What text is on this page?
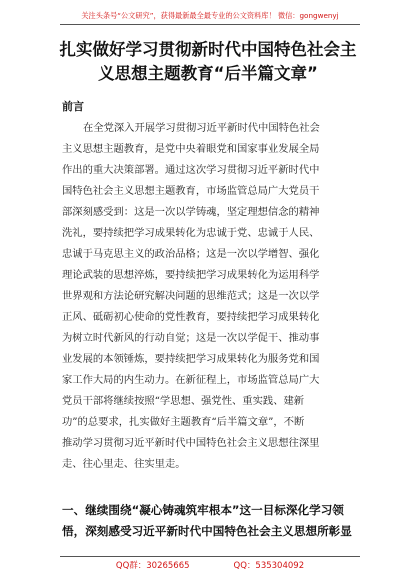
关注头条号“公文研究”，获得最新最全最专业的公文资料库！ 微信：gongwenyj
扎实做好学习贯彻新时代中国特色社会主
义思想主题教育“后半篇文章”
前言
在全党深入开展学习贯彻习近平新时代中国特色社会
主义思想主题教育，是党中央着眼党和国家事业发展全局
作出的重大决策部署。通过这次学习贯彻习近平新时代中
国特色社会主义思想主题教育，市场监管总局广大党员干
部深刻感受到：这是一次以学铸魂，坚定理想信念的精神
洗礼，要持续把学习成果转化为忠诚于党、忠诚于人民、
忠诚于马克思主义的政治品格；这是一次以学增智、强化
理论武装的思想淬炼，要持续把学习成果转化为运用科学
世界观和方法论研究解决问题的思维范式；这是一次以学
正风、砥砺初心使命的党性教育，要持续把学习成果转化
为树立时代新风的行动自觉；这是一次以学促干、推动事
业发展的本领锤炼，要持续把学习成果转化为服务党和国
家工作大局的内生动力。在新征程上，市场监管总局广大
党员干部将继续按照“学思想、强党性、重实践、建新
功”的总要求，扎实做好主题教育“后半篇文章”，不断
推动学习贯彻习近平新时代中国特色社会主义思想往深里
走、往心里走、往实里走。
一、继续围绕“凝心铸魂筑牢根本”这一目标深化学习领
悟，深刻感受习近平新时代中国特色社会主义思想所彰显
QQ群：30265665	QQ：535304092
